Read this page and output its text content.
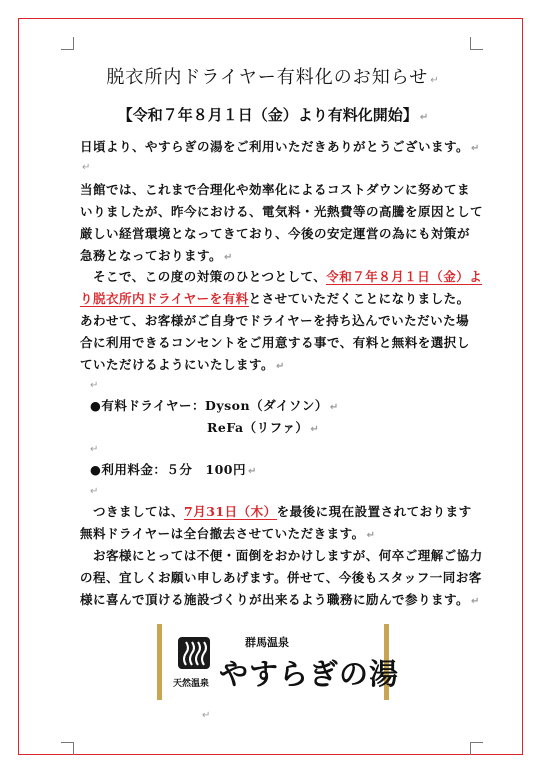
脱衣所内ドライヤー有料化のお知らせ ↵
【令和７年８月１日（金）より有料化開始】 ↵
日頃より、やすらぎの湯をご利用いただきありがとうございます。 ↵
↵
当館では、これまで合理化や効率化によるコストダウンに努めてま
いりましたが、昨今における、電気料・光熱費等の高騰を原因として
厳しい経営環境となってきており、今後の安定運営の為にも対策が
急務となっております。 ↵
　そこで、この度の対策のひとつとして、令和７年８月１日（金）よ
り脱衣所内ドライヤーを有料とさせていただくことになりました。
あわせて、お客様がご自身でドライヤーを持ち込んでいただいた場
合に利用できるコンセントをご用意する事で、有料と無料を選択し
ていただけるようにいたします。 ↵
↵
●有料ドライヤー：Dyson（ダイソン） ↵
ReFa（リファ） ↵
↵
●利用料金：５分　100円 ↵
↵
　つきましては、7月31日（木）を最後に現在設置されております
無料ドライヤーは全台撤去させていただきます。 ↵
　お客様にとっては不便・面倒をおかけしますが、何卒ご理解ご協力
の程、宜しくお願い申しあげます。併せて、今後もスタッフ一同お客
様に喜んで頂ける施設づくりが出来るよう職務に励んで参ります。 ↵
天然温泉
群馬温泉
やすらぎの湯
↵
